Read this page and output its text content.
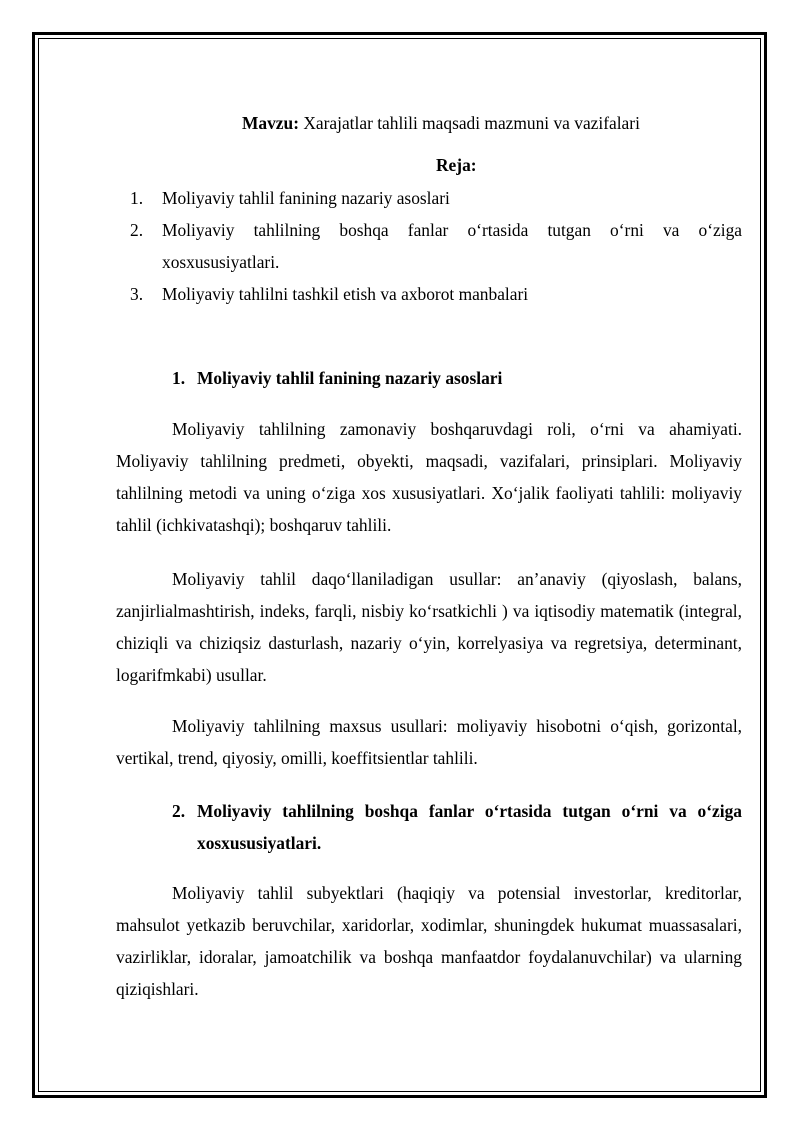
Mavzu: Xarajatlar tahlili maqsadi mazmuni va vazifalari
Reja:
1.	Moliyaviy tahlil fanining nazariy asoslari
2.	Moliyaviy tahlilning boshqa fanlar o‘rtasida tutgan o‘rni va o‘ziga xosxususiyatlari.
3.	Moliyaviy tahlilni tashkil etish va axborot manbalari
1. Moliyaviy tahlil fanining nazariy asoslari

Moliyaviy tahlilning zamonaviy boshqaruvdagi roli, o‘rni va ahamiyati. Moliyaviy tahlilning predmeti, obyekti, maqsadi, vazifalari, prinsiplari. Moliyaviy tahlilning metodi va uning o‘ziga xos xususiyatlari. Xo‘jalik faoliyati tahlili: moliyaviy tahlil (ichkivatashqi); boshqaruv tahlili.

Moliyaviy tahlil daqo‘llaniladigan usullar: an’anaviy (qiyoslash, balans, zanjirlialmashtirish, indeks, farqli, nisbiy ko‘rsatkichli ) va iqtisodiy matematik (integral, chiziqli va chiziqsiz dasturlash, nazariy o‘yin, korrelyasiya va regretsiya, determinant, logarifmkabi) usullar.

Moliyaviy tahlilning maxsus usullari: moliyaviy hisobotni o‘qish, gorizontal, vertikal, trend, qiyosiy, omilli, koeffitsientlar tahlili.

2. Moliyaviy tahlilning boshqa fanlar o‘rtasida tutgan o‘rni va o‘ziga xosxususiyatlari.

Moliyaviy tahlil subyektlari (haqiqiy va potensial investorlar, kreditorlar, mahsulot yetkazib beruvchilar, xaridorlar, xodimlar, shuningdek hukumat muassasalari, vazirliklar, idoralar, jamoatchilik va boshqa manfaatdor foydalanuvchilar) va ularning qiziqishlari.
